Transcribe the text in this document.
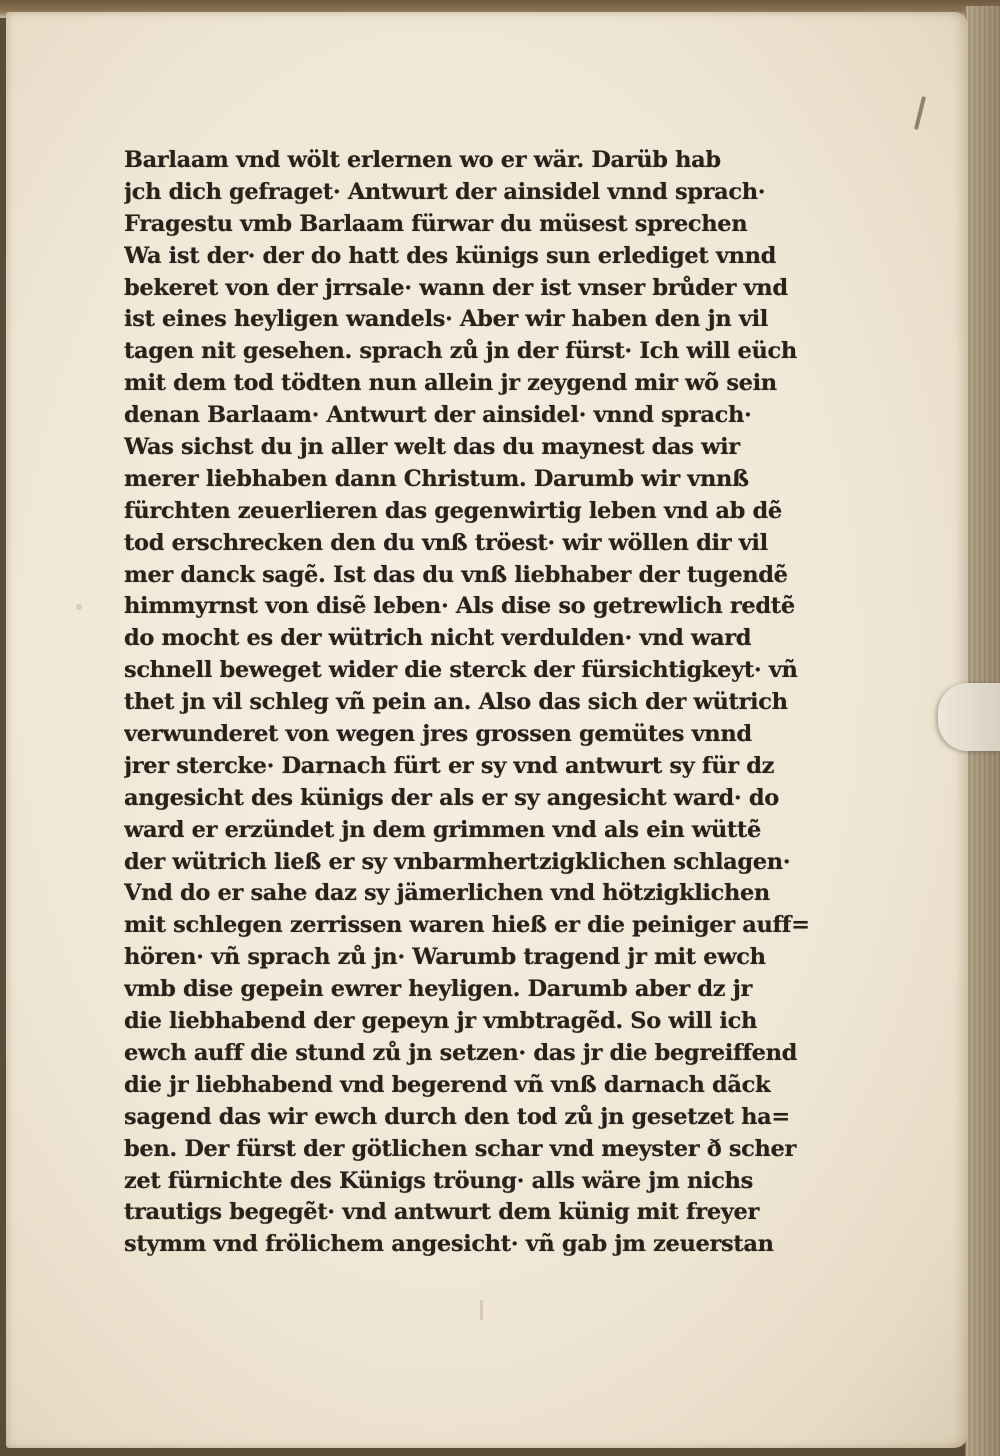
Barlaam vnd wölt erlernen wo er wär. Darüb hab
jch dich gefraget· Antwurt der ainsidel vnnd sprach·
Fragestu vmb Barlaam fürwar du müsest sprechen
Wa ist der· der do hatt des künigs sun erlediget vnnd
bekeret von der jrrsale· wann der ist vnser brůder vnd
ist eines heyligen wandels· Aber wir haben den jn vil
tagen nit gesehen. sprach zů jn der fürst· Ich will eüch
mit dem tod tödten nun allein jr zeygend mir wõ sein
denan Barlaam· Antwurt der ainsidel· vnnd sprach·
Was sichst du jn aller welt das du maynest das wir
merer liebhaben dann Christum. Darumb wir vnnß
fürchten zeuerlieren das gegenwirtig leben vnd ab dẽ
tod erschrecken den du vnß tröest· wir wöllen dir vil
mer danck sagẽ. Ist das du vnß liebhaber der tugendẽ
himmyrnst von disẽ leben· Als dise so getrewlich redtẽ
do mocht es der wütrich nicht verdulden· vnd ward
schnell beweget wider die sterck der fürsichtigkeyt· vñ
thet jn vil schleg vñ pein an. Also das sich der wütrich
verwunderet von wegen jres grossen gemütes vnnd
jrer stercke· Darnach fürt er sy vnd antwurt sy für dz
angesicht des künigs der als er sy angesicht ward· do
ward er erzündet jn dem grimmen vnd als ein wüttẽ
der wütrich ließ er sy vnbarmhertzigklichen schlagen·
Vnd do er sahe daz sy jämerlichen vnd hötzigklichen
mit schlegen zerrissen waren hieß er die peiniger auff=
hören· vñ sprach zů jn· Warumb tragend jr mit ewch
vmb dise gepein ewrer heyligen. Darumb aber dz jr
die liebhabend der gepeyn jr vmbtragẽd. So will ich
ewch auff die stund zů jn setzen· das jr die begreiffend
die jr liebhabend vnd begerend vñ vnß darnach dãck
sagend das wir ewch durch den tod zů jn gesetzet ha=
ben. Der fürst der götlichen schar vnd meyster ð scher
zet fürnichte des Künigs tröung· alls wäre jm nichs
trautigs begegẽt· vnd antwurt dem künig mit freyer
stymm vnd frölichem angesicht· vñ gab jm zeuerstan
